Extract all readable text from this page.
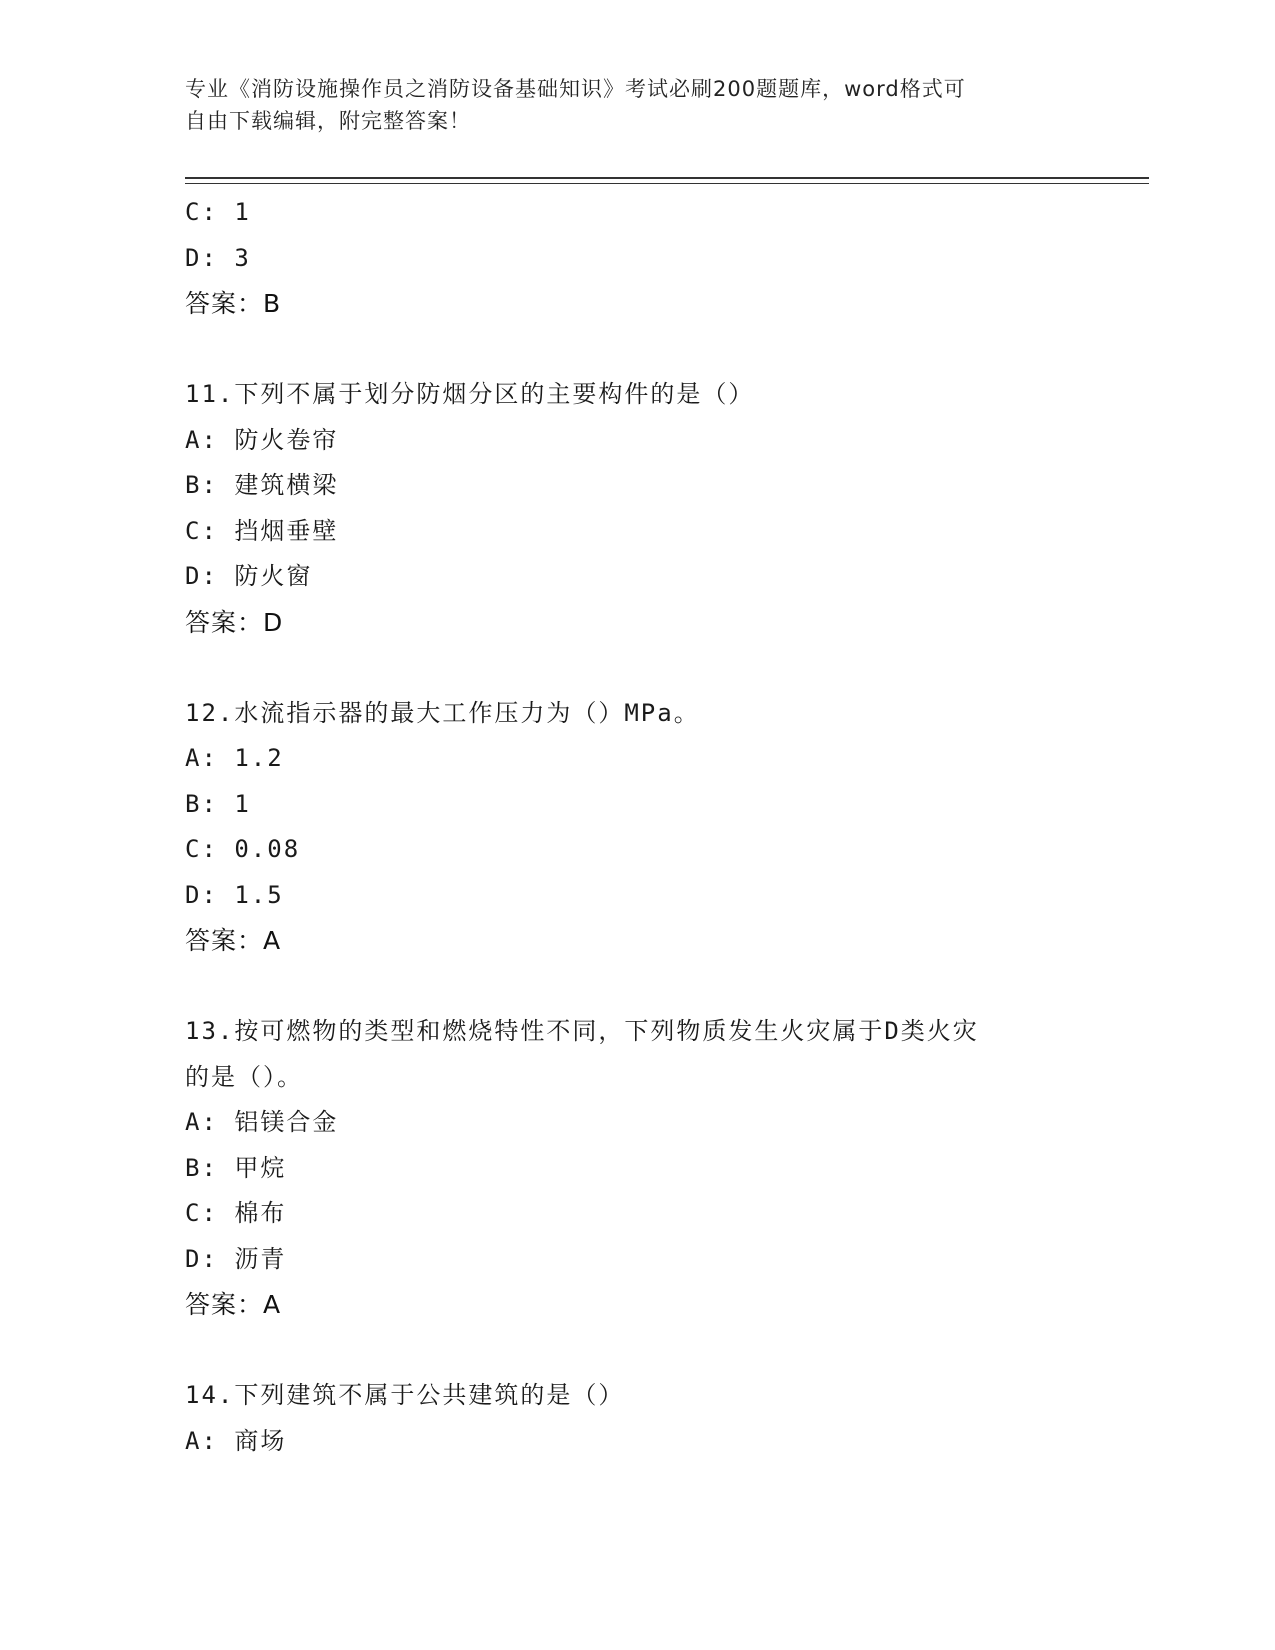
专业《消防设施操作员之消防设备基础知识》考试必刷200题题库，word格式可
自由下载编辑，附完整答案！
C: 1
D: 3
答案：B
11.下列不属于划分防烟分区的主要构件的是（）
A: 防火卷帘
B: 建筑横梁
C: 挡烟垂壁
D: 防火窗
答案：D
12.水流指示器的最大工作压力为（）MPa。
A: 1.2
B: 1
C: 0.08
D: 1.5
答案：A
13.按可燃物的类型和燃烧特性不同，下列物质发生火灾属于D类火灾
的是（）。
A: 铝镁合金
B: 甲烷
C: 棉布
D: 沥青
答案：A
14.下列建筑不属于公共建筑的是（）
A: 商场
